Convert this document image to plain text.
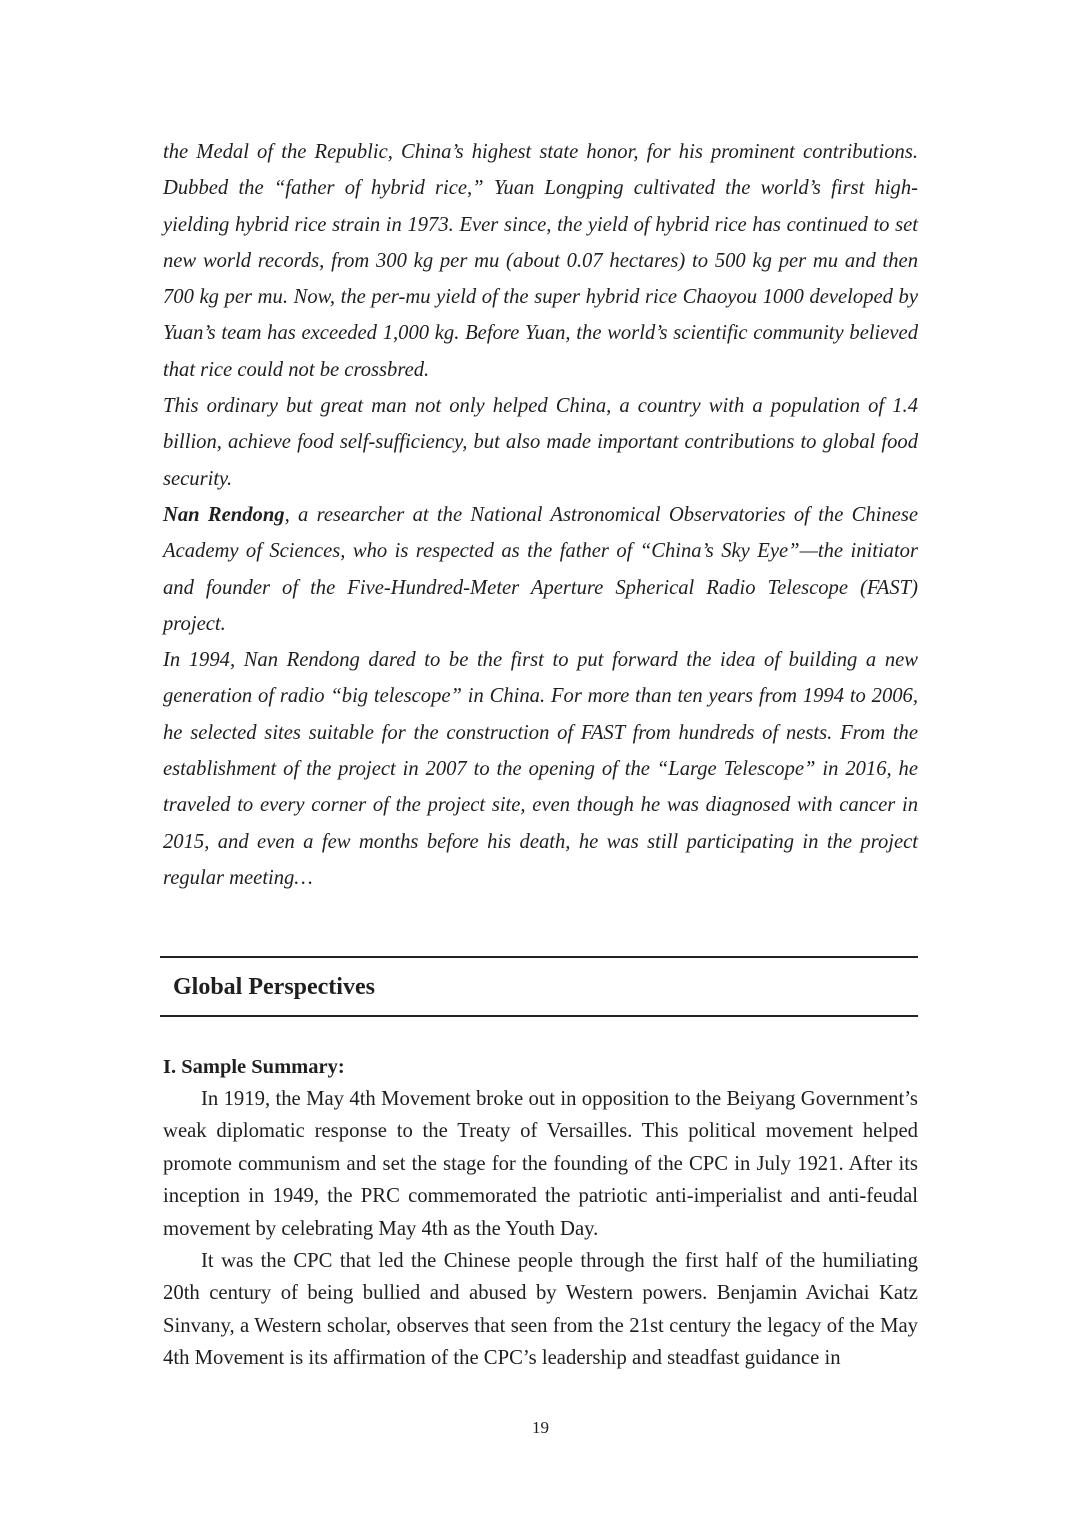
the Medal of the Republic, China’s highest state honor, for his prominent contributions. Dubbed the “father of hybrid rice,” Yuan Longping cultivated the world’s first high-yielding hybrid rice strain in 1973. Ever since, the yield of hybrid rice has continued to set new world records, from 300 kg per mu (about 0.07 hectares) to 500 kg per mu and then 700 kg per mu. Now, the per-mu yield of the super hybrid rice Chaoyou 1000 developed by Yuan’s team has exceeded 1,000 kg. Before Yuan, the world’s scientific community believed that rice could not be crossbred.

This ordinary but great man not only helped China, a country with a population of 1.4 billion, achieve food self-sufficiency, but also made important contributions to global food security.

Nan Rendong, a researcher at the National Astronomical Observatories of the Chinese Academy of Sciences, who is respected as the father of “China’s Sky Eye”—the initiator and founder of the Five-Hundred-Meter Aperture Spherical Radio Telescope (FAST) project.

In 1994, Nan Rendong dared to be the first to put forward the idea of building a new generation of radio “big telescope” in China. For more than ten years from 1994 to 2006, he selected sites suitable for the construction of FAST from hundreds of nests. From the establishment of the project in 2007 to the opening of the “Large Telescope” in 2016, he traveled to every corner of the project site, even though he was diagnosed with cancer in 2015, and even a few months before his death, he was still participating in the project regular meeting…

Global Perspectives
I. Sample Summary:

In 1919, the May 4th Movement broke out in opposition to the Beiyang Government’s weak diplomatic response to the Treaty of Versailles. This political movement helped promote communism and set the stage for the founding of the CPC in July 1921. After its inception in 1949, the PRC commemorated the patriotic anti-imperialist and anti-feudal movement by celebrating May 4th as the Youth Day.

It was the CPC that led the Chinese people through the first half of the humiliating 20th century of being bullied and abused by Western powers. Benjamin Avichai Katz Sinvany, a Western scholar, observes that seen from the 21st century the legacy of the May 4th Movement is its affirmation of the CPC’s leadership and steadfast guidance in

19
